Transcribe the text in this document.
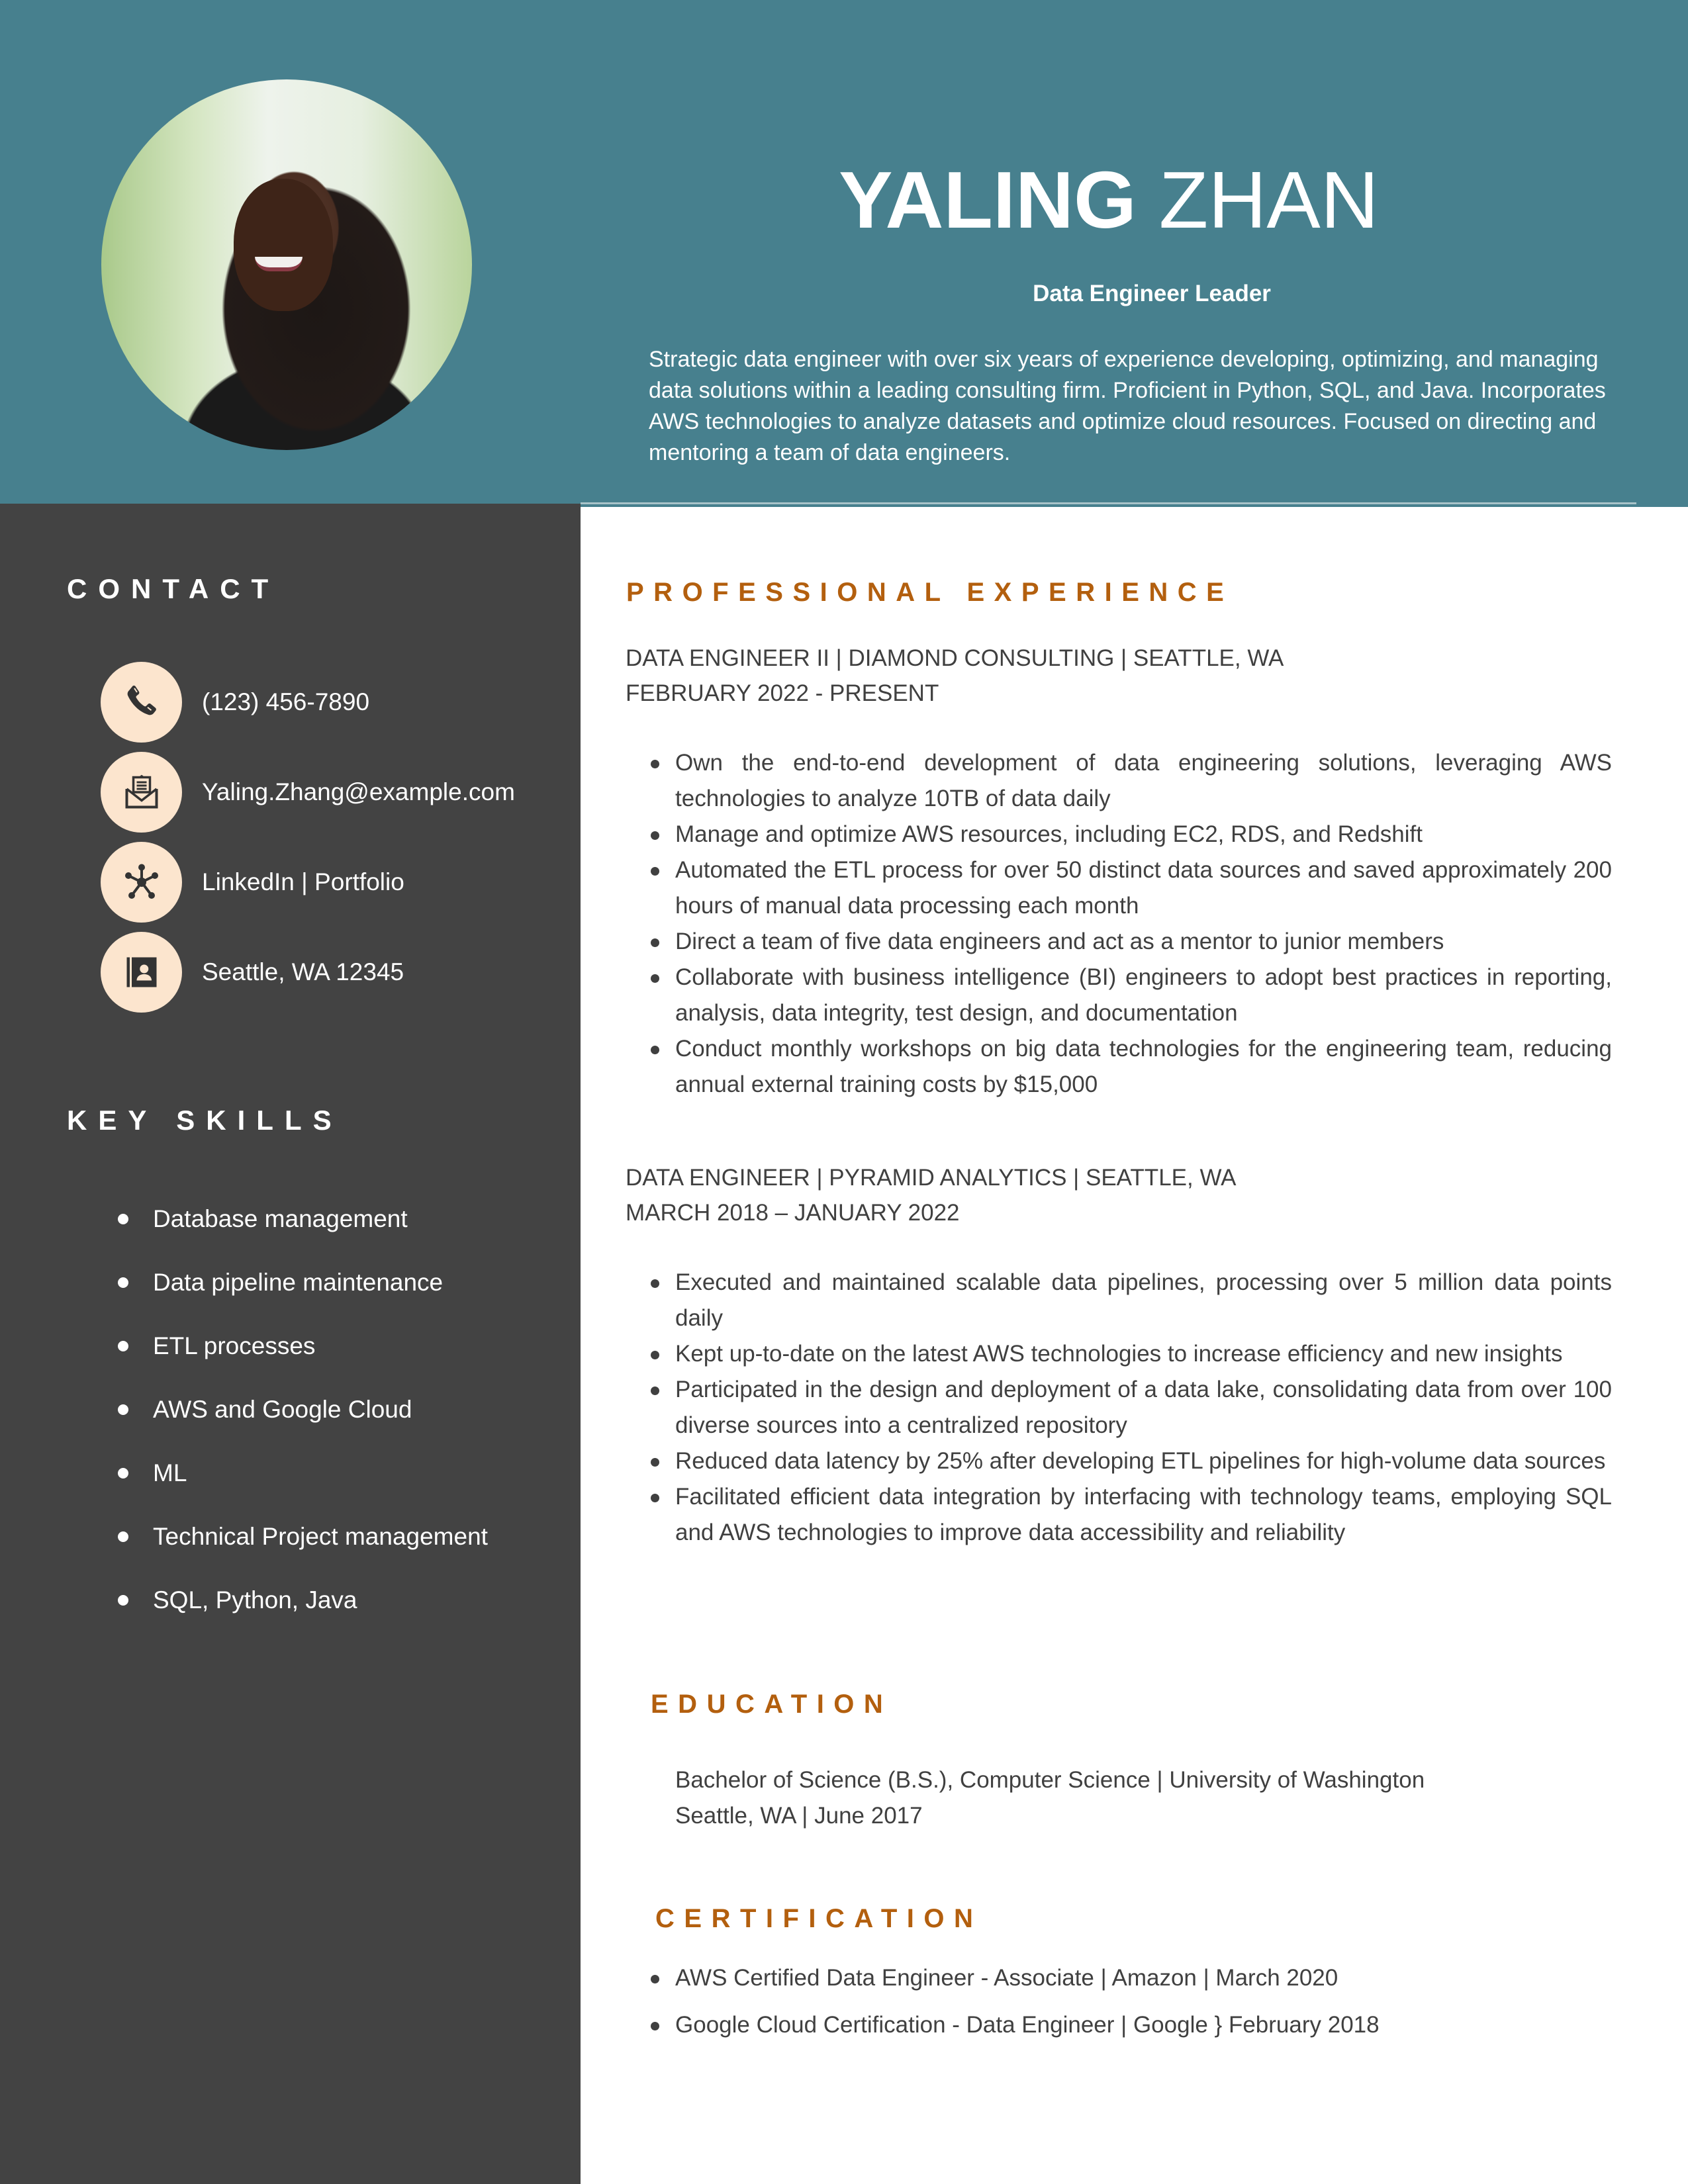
YALING ZHAN
Data Engineer Leader
Strategic data engineer with over six years of experience developing, optimizing, and managing data solutions within a leading consulting firm. Proficient in Python, SQL, and Java. Incorporates AWS technologies to analyze datasets and optimize cloud resources. Focused on directing and mentoring a team of data engineers.
CONTACT
(123) 456-7890
Yaling.Zhang@example.com
LinkedIn | Portfolio
Seattle, WA 12345
KEY SKILLS
Database management
Data pipeline maintenance
ETL processes
AWS and Google Cloud
ML
Technical Project management
SQL, Python, Java
PROFESSIONAL EXPERIENCE
DATA ENGINEER II | DIAMOND CONSULTING | SEATTLE, WA
FEBRUARY 2022 - PRESENT
Own the end-to-end development of data engineering solutions, leveraging AWS technologies to analyze 10TB of data daily
Manage and optimize AWS resources, including EC2, RDS, and Redshift
Automated the ETL process for over 50 distinct data sources and saved approximately 200 hours of manual data processing each month
Direct a team of five data engineers and act as a mentor to junior members
Collaborate with business intelligence (BI) engineers to adopt best practices in reporting, analysis, data integrity, test design, and documentation
Conduct monthly workshops on big data technologies for the engineering team, reducing annual external training costs by $15,000
DATA ENGINEER | PYRAMID ANALYTICS | SEATTLE, WA
MARCH 2018 – JANUARY 2022
Executed and maintained scalable data pipelines, processing over 5 million data points daily
Kept up-to-date on the latest AWS technologies to increase efficiency and new insights
Participated in the design and deployment of a data lake, consolidating data from over 100 diverse sources into a centralized repository
Reduced data latency by 25% after developing ETL pipelines for high-volume data sources
Facilitated efficient data integration by interfacing with technology teams, employing SQL and AWS technologies to improve data accessibility and reliability
EDUCATION
Bachelor of Science (B.S.), Computer Science | University of Washington
Seattle, WA | June 2017
CERTIFICATION
AWS Certified Data Engineer - Associate | Amazon | March 2020
Google Cloud Certification - Data Engineer | Google } February 2018
